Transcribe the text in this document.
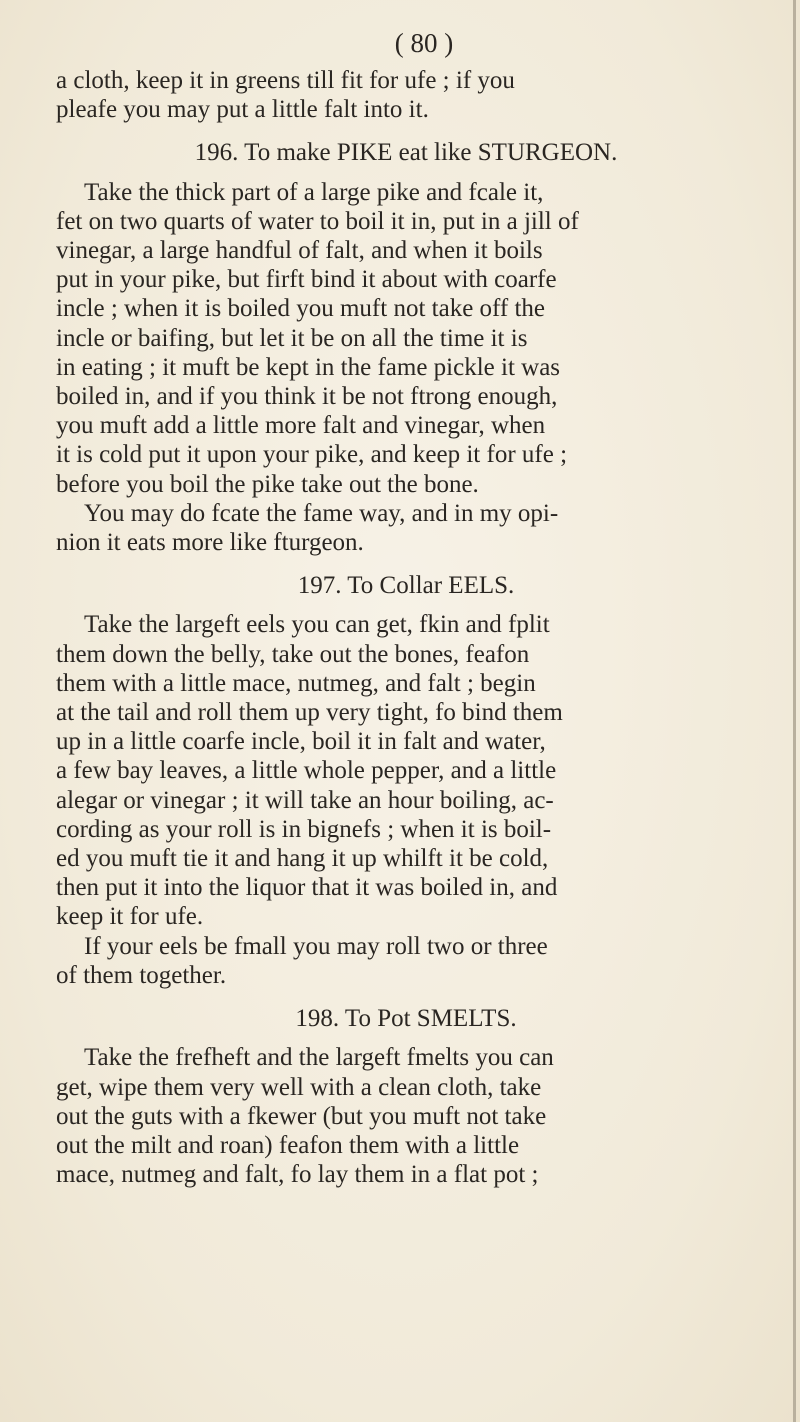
( 80 )
a cloth, keep it in greens till fit for ufe ; if you
pleafe you may put a little falt into it.
196. To make PIKE eat like STURGEON.
Take the thick part of a large pike and fcale it,
fet on two quarts of water to boil it in, put in a jill of
vinegar, a large handful of falt, and when it boils
put in your pike, but firft bind it about with coarfe
incle ; when it is boiled you muft not take off the
incle or baifing, but let it be on all the time it is
in eating ; it muft be kept in the fame pickle it was
boiled in, and if you think it be not ftrong enough,
you muft add a little more falt and vinegar, when
it is cold put it upon your pike, and keep it for ufe ;
before you boil the pike take out the bone.
You may do fcate the fame way, and in my opi-
nion it eats more like fturgeon.
197. To Collar EELS.
Take the largeft eels you can get, fkin and fplit
them down the belly, take out the bones, feafon
them with a little mace, nutmeg, and falt ; begin
at the tail and roll them up very tight, fo bind them
up in a little coarfe incle, boil it in falt and water,
a few bay leaves, a little whole pepper, and a little
alegar or vinegar ; it will take an hour boiling, ac-
cording as your roll is in bignefs ; when it is boil-
ed you muft tie it and hang it up whilft it be cold,
then put it into the liquor that it was boiled in, and
keep it for ufe.
If your eels be fmall you may roll two or three
of them together.
198. To Pot SMELTS.
Take the frefheft and the largeft fmelts you can
get, wipe them very well with a clean cloth, take
out the guts with a fkewer (but you muft not take
out the milt and roan) feafon them with a little
mace, nutmeg and falt, fo lay them in a flat pot ;
